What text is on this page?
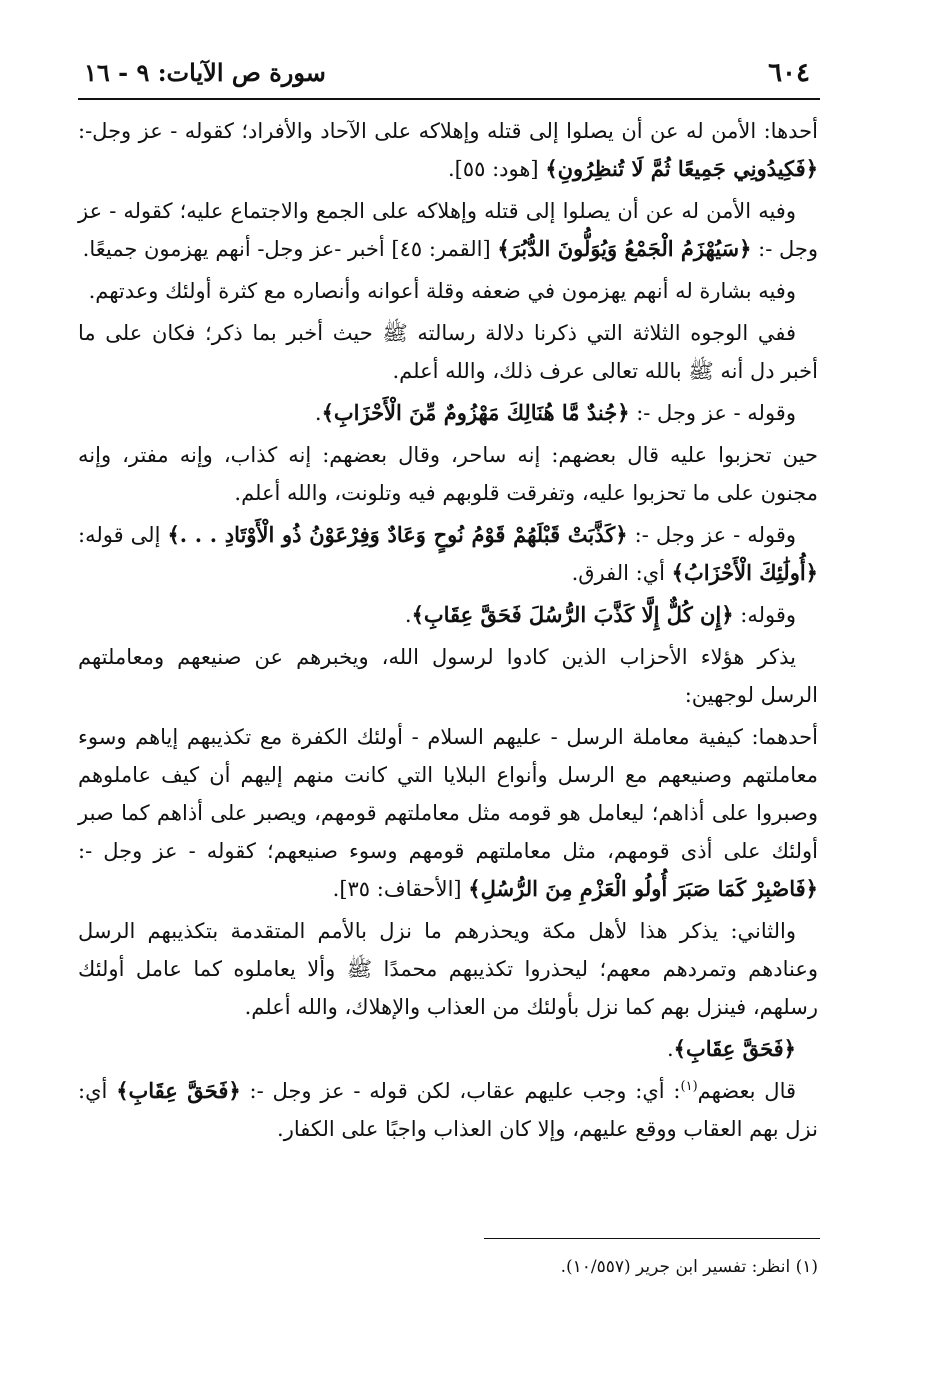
٦٠٤
سورة ص الآيات: ٩ - ١٦

أحدها: الأمن له عن أن يصلوا إلى قتله وإهلاكه على الآحاد والأفراد؛ كقوله - عز وجل-: ﴿فَكِيدُونِي جَمِيعًا ثُمَّ لَا تُنظِرُونِ﴾ [هود: ٥٥].

وفيه الأمن له عن أن يصلوا إلى قتله وإهلاكه على الجمع والاجتماع عليه؛ كقوله - عز وجل -: ﴿سَيُهْزَمُ الْجَمْعُ وَيُوَلُّونَ الدُّبُرَ﴾ [القمر: ٤٥] أخبر -عز وجل- أنهم يهزمون جميعًا.

وفيه بشارة له أنهم يهزمون في ضعفه وقلة أعوانه وأنصاره مع كثرة أولئك وعدتهم.

ففي الوجوه الثلاثة التي ذكرنا دلالة رسالته ﷺ حيث أخبر بما ذكر؛ فكان على ما أخبر دل أنه ﷺ بالله تعالى عرف ذلك، والله أعلم.

وقوله - عز وجل -: ﴿جُندٌ مَّا هُنَالِكَ مَهْزُومٌ مِّنَ الْأَحْزَابِ﴾.

حين تحزبوا عليه قال بعضهم: إنه ساحر، وقال بعضهم: إنه كذاب، وإنه مفتر، وإنه مجنون على ما تحزبوا عليه، وتفرقت قلوبهم فيه وتلونت، والله أعلم.

وقوله - عز وجل -: ﴿كَذَّبَتْ قَبْلَهُمْ قَوْمُ نُوحٍ وَعَادٌ وَفِرْعَوْنُ ذُو الْأَوْتَادِ . . .﴾ إلى قوله: ﴿أُولَٰئِكَ الْأَحْزَابُ﴾ أي: الفرق.

وقوله: ﴿إِن كُلٌّ إِلَّا كَذَّبَ الرُّسُلَ فَحَقَّ عِقَابِ﴾.

يذكر هؤلاء الأحزاب الذين كادوا لرسول الله، ويخبرهم عن صنيعهم ومعاملتهم الرسل لوجهين:

أحدهما: كيفية معاملة الرسل - عليهم السلام - أولئك الكفرة مع تكذيبهم إياهم وسوء معاملتهم وصنيعهم مع الرسل وأنواع البلايا التي كانت منهم إليهم أن كيف عاملوهم وصبروا على أذاهم؛ ليعامل هو قومه مثل معاملتهم قومهم، ويصبر على أذاهم كما صبر أولئك على أذى قومهم، مثل معاملتهم قومهم وسوء صنيعهم؛ كقوله - عز وجل -: ﴿فَاصْبِرْ كَمَا صَبَرَ أُولُو الْعَزْمِ مِنَ الرُّسُلِ﴾ [الأحقاف: ٣٥].

والثاني: يذكر هذا لأهل مكة ويحذرهم ما نزل بالأمم المتقدمة بتكذيبهم الرسل وعنادهم وتمردهم معهم؛ ليحذروا تكذيبهم محمدًا ﷺ وألا يعاملوه كما عامل أولئك رسلهم، فينزل بهم كما نزل بأولئك من العذاب والإهلاك، والله أعلم.

﴿فَحَقَّ عِقَابِ﴾.

قال بعضهم$^{(١)}$: أي: وجب عليهم عقاب، لكن قوله - عز وجل -: ﴿فَحَقَّ عِقَابِ﴾ أي: نزل بهم العقاب ووقع عليهم، وإلا كان العذاب واجبًا على الكفار.

(١) انظر: تفسير ابن جرير (١٠/٥٥٧).
